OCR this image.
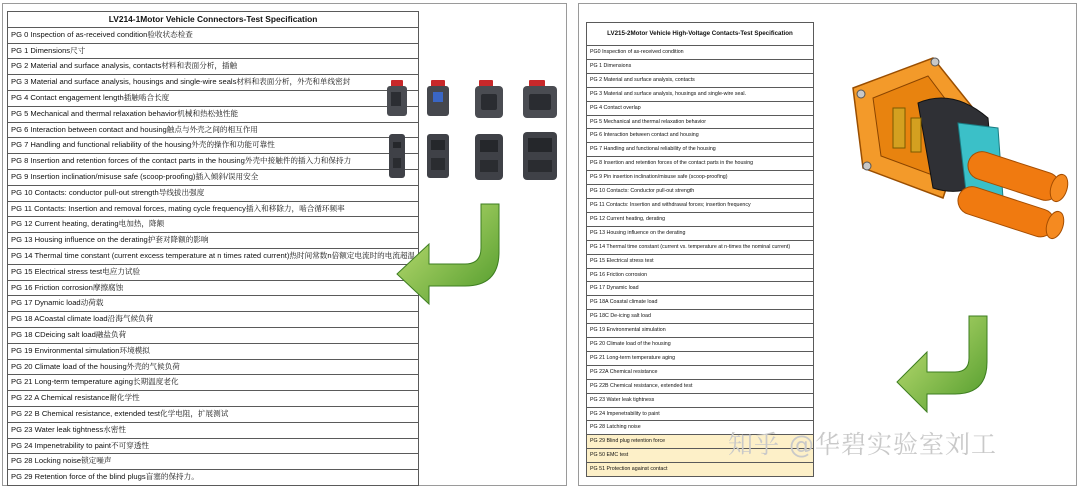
LV214-1Motor Vehicle Connectors-Test Specification
PG 0 Inspection of as-received condition验收状态检查
PG 1 Dimensions尺寸
PG 2 Material and surface analysis, contacts材料和表面分析，插触
PG 3 Material and surface analysis, housings and single-wire seals材料和表面分析，外壳和单线密封
PG 4 Contact engagement length插触啮合长度
PG 5 Mechanical and thermal relaxation behavior机械和热松弛性能
PG 6 Interaction between contact and housing触点与外壳之间的相互作用
PG 7 Handling and functional reliability of the housing外壳的操作和功能可靠性
PG 8 Insertion and retention forces of the contact parts in the housing外壳中接触件的插入力和保持力
PG 9 Insertion inclination/misuse safe (scoop-proofing)插入倾斜/误用安全
PG 10 Contacts: conductor pull-out strength导线拔出强度
PG 11 Contacts: Insertion and removal forces, mating cycle frequency插入和移除力，啮合循环频率
PG 12 Current heating, derating电加热，降额
PG 13 Housing influence on the derating护套对降额的影响
PG 14 Thermal time constant (current excess temperature at n times rated current)热时间常数n倍额定电流时的电流超温
PG 15 Electrical stress test电应力试验
PG 16 Friction corrosion摩擦腐蚀
PG 17 Dynamic load动荷载
PG 18 ACoastal climate load沿海气候负荷
PG 18 CDeicing salt load融盐负荷
PG 19 Environmental simulation环境模拟
PG 20 Climate load of the housing外壳的气候负荷
PG 21 Long-term temperature aging长期温度老化
PG 22 A Chemical resistance耐化学性
PG 22 B Chemical resistance, extended test化学电阻，扩展测试
PG 23 Water leak tightness水密性
PG 24 Impenetrability to paint不可穿透性
PG 28 Locking noise锁定噪声
PG 29 Retention force of the blind plugs盲塞的保持力。
LV215-2Motor Vehicle High-Voltage Contacts-Test Specification
PG0 Inspection of as-received condition
PG 1 Dimensions
PG 2 Material and surface analysis, contacts
PG 3 Material and surface analysis, housings and single-wire seal.
PG 4 Contact overlap
PG 5 Mechanical and thermal relaxation behavior
PG 6 Interaction between contact and housing
PG 7 Handling and functional reliability of the housing
PG 8 Insertion and retention forces of the contact parts in the housing
PG 9 Pin insertion inclination/misuse safe (scoop-proofing)
PG 10 Contacts: Conductor pull-out strength
PG 11 Contacts: Insertion and withdrawal forces; insertion frequency
PG 12 Current heating, derating
PG 13 Housing influence on the derating
PG 14 Thermal time constant (current vs. temperature at n-times the nominal current)
PG 15 Electrical stress test
PG 16 Friction corrosion
PG 17 Dynamic load
PG 18A Coastal climate load
PG 18C De-icing salt load
PG 19 Environmental simulation
PG 20 Climate load of the housing
PG 21 Long-term temperature aging
PG 22A Chemical resistance
PG 22B Chemical resistance, extended test
PG 23 Water leak tightness
PG 24 Impenetrability to paint
PG 28 Latching noise
PG 29 Blind plug retention force
PG 50 EMC test
PG 51 Protection against contact
知乎 @华碧实验室刘工
